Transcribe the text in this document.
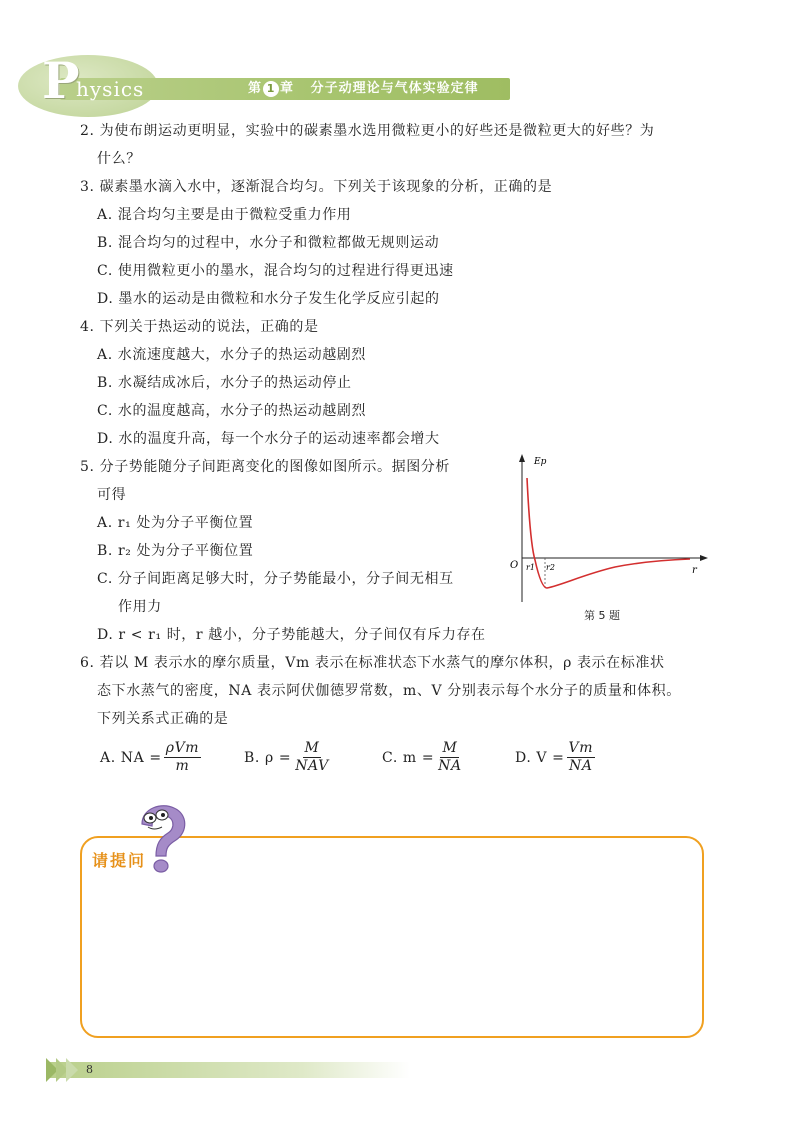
P
hysics	第 1 章 分子动理论与气体实验定律
2. 为使布朗运动更明显，实验中的碳素墨水选用微粒更小的好些还是微粒更大的好些？为
什么？
3. 碳素墨水滴入水中，逐渐混合均匀。下列关于该现象的分析，正确的是
A. 混合均匀主要是由于微粒受重力作用
B. 混合均匀的过程中，水分子和微粒都做无规则运动
C. 使用微粒更小的墨水，混合均匀的过程进行得更迅速
D. 墨水的运动是由微粒和水分子发生化学反应引起的
4. 下列关于热运动的说法，正确的是
A. 水流速度越大，水分子的热运动越剧烈
B. 水凝结成冰后，水分子的热运动停止
C. 水的温度越高，水分子的热运动越剧烈
D. 水的温度升高，每一个水分子的运动速率都会增大
5. 分子势能随分子间距离变化的图像如图所示。据图分析
可得
A. r₁ 处为分子平衡位置
B. r₂ 处为分子平衡位置
C. 分子间距离足够大时，分子势能最小，分子间无相互
作用力
D. r < r₁ 时，r 越小，分子势能越大，分子间仅有斥力存在
O r1 r2
Ep
r
第 5 题
6. 若以 M 表示水的摩尔质量，Vm 表示在标准状态下水蒸气的摩尔体积，ρ 表示在标准状
态下水蒸气的密度，NA 表示阿伏伽德罗常数，m、V 分别表示每个水分子的质量和体积。
下列关系式正确的是
A. NA = $\frac{\text{ρVm}}{m}$	B. $\rho = \frac{M}{\text{NAV}}$	C. $m = \frac{M}{NA}$	D. $V = \frac{Vm}{NA}$
请提问
8
